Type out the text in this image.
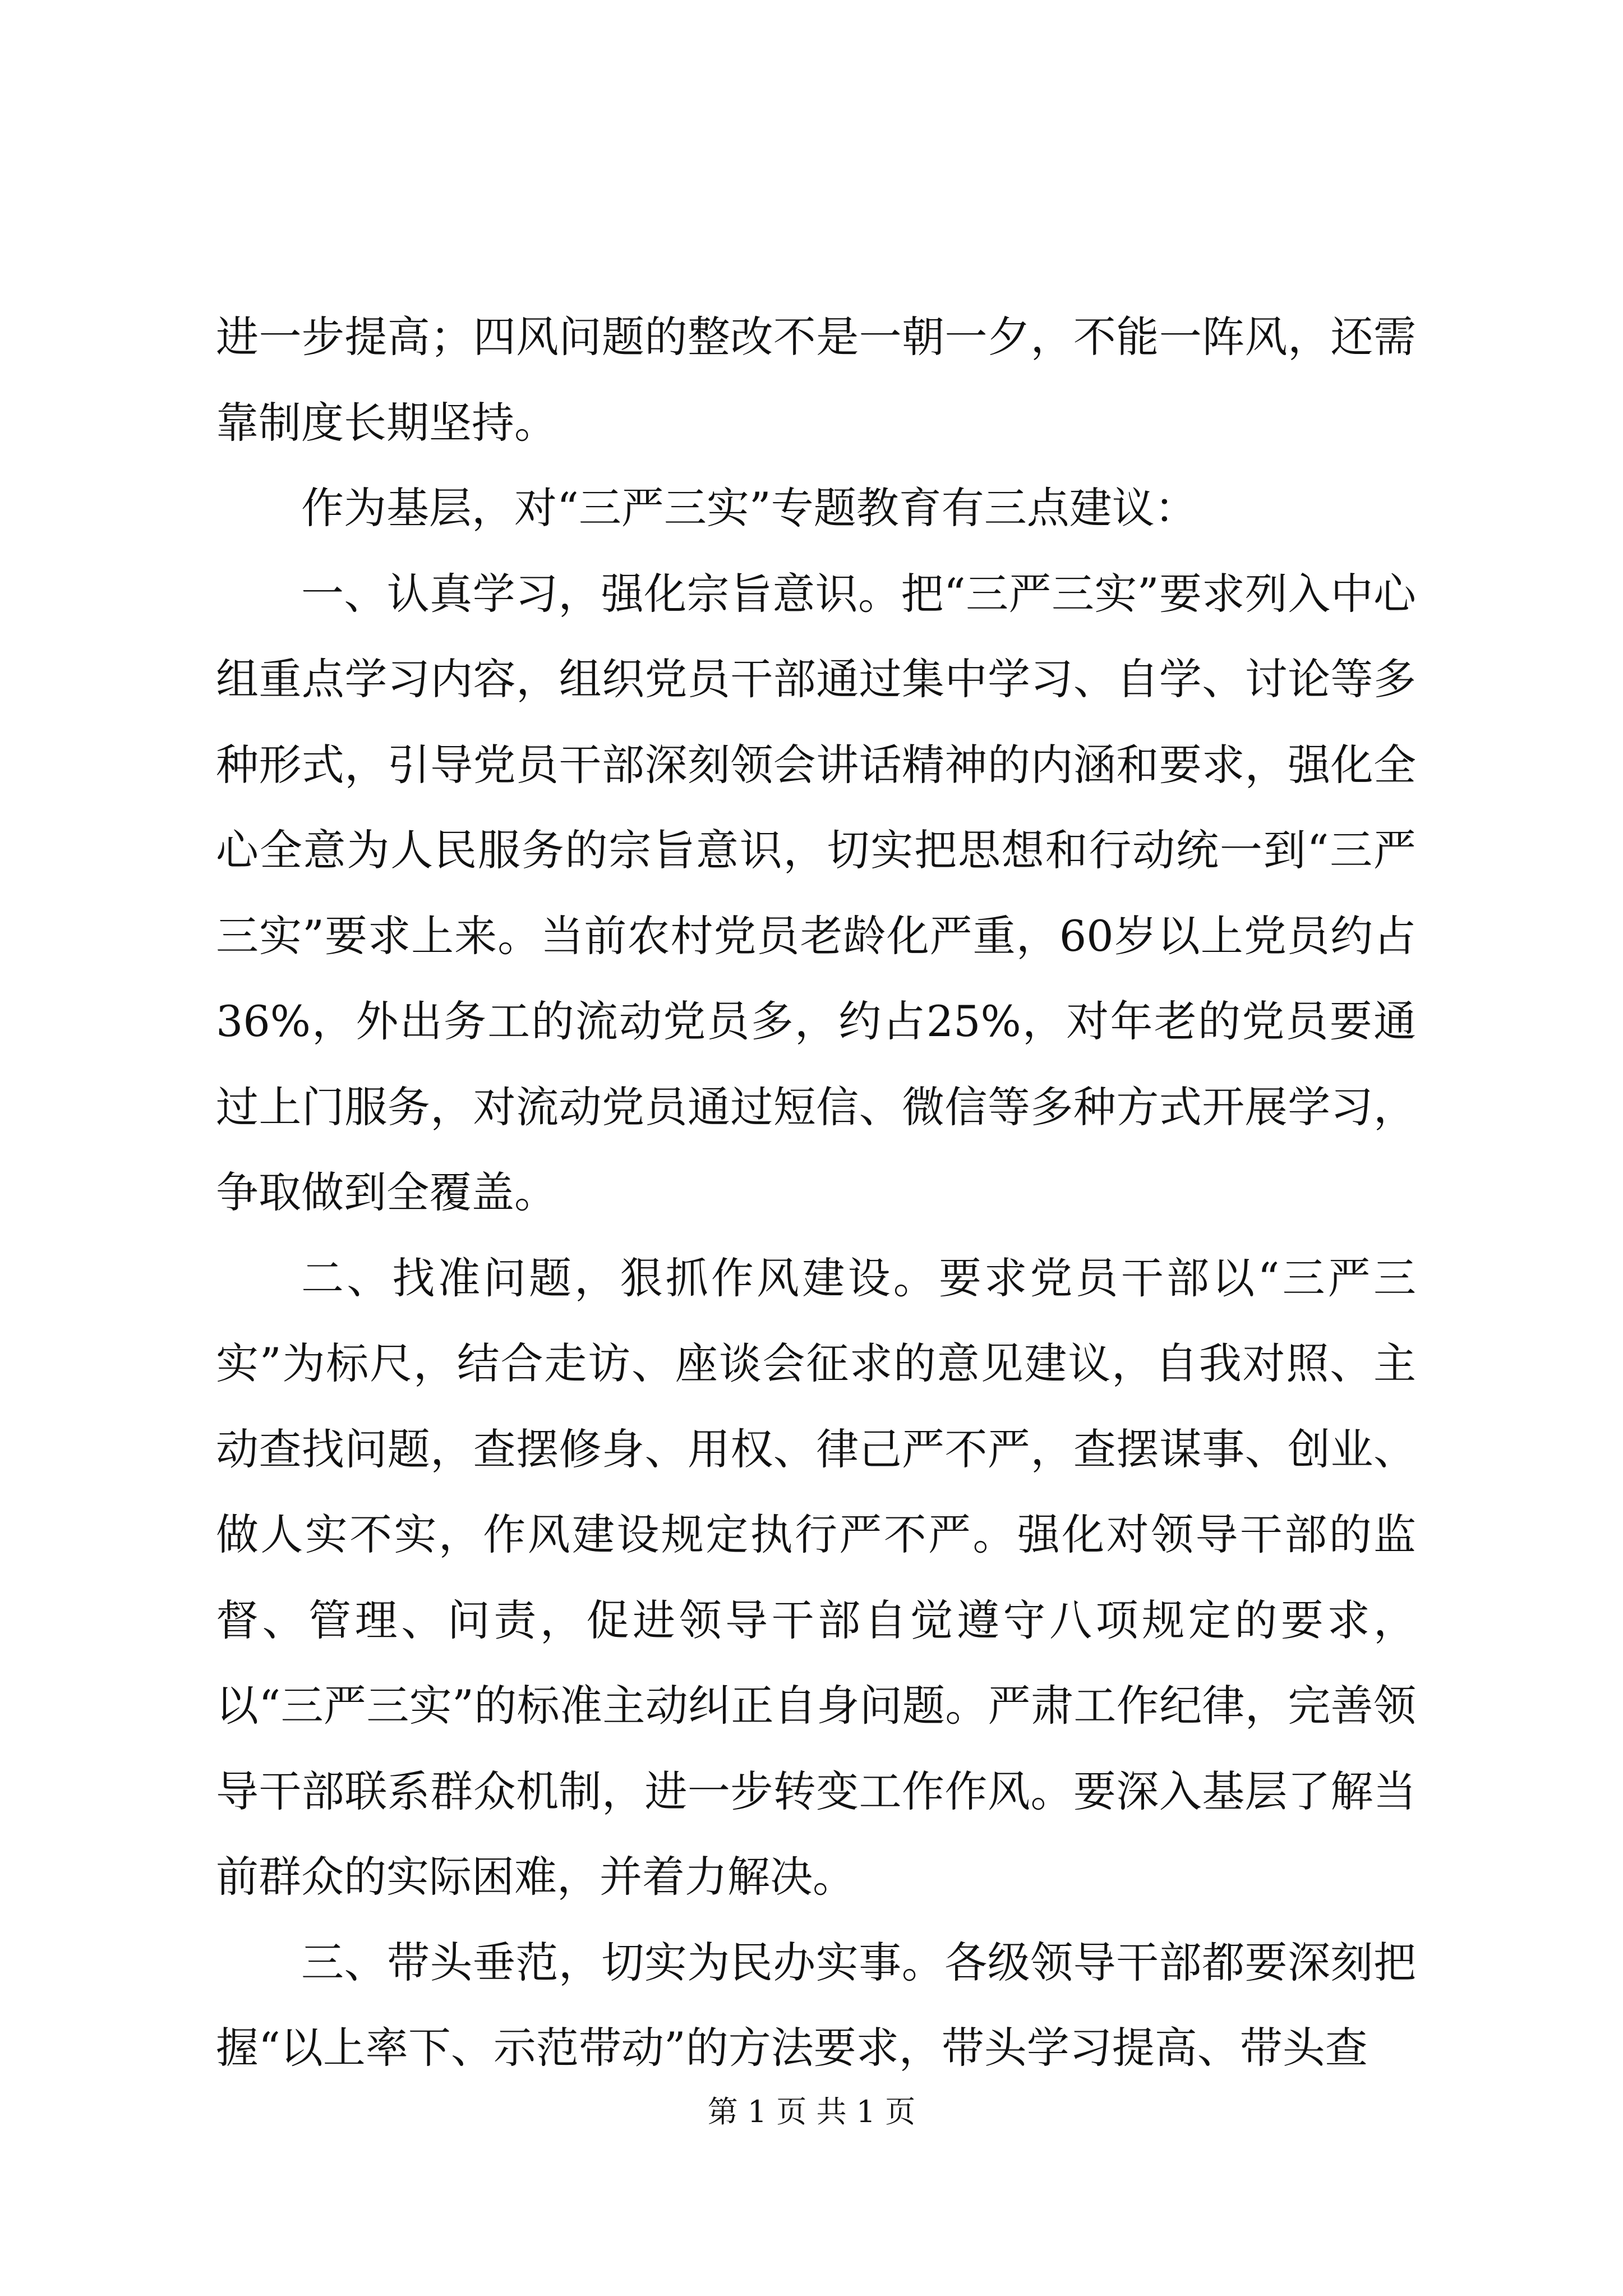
进一步提高；四风问题的整改不是一朝一夕，不能一阵风，还需靠制度长期坚持。

作为基层，对“三严三实”专题教育有三点建议：

一、认真学习，强化宗旨意识。把“三严三实”要求列入中心组重点学习内容，组织党员干部通过集中学习、自学、讨论等多种形式，引导党员干部深刻领会讲话精神的内涵和要求，强化全心全意为人民服务的宗旨意识，切实把思想和行动统一到“三严三实”要求上来。当前农村党员老龄化严重，60岁以上党员约占36%，外出务工的流动党员多，约占25%，对年老的党员要通过上门服务，对流动党员通过短信、微信等多种方式开展学习，争取做到全覆盖。

二、找准问题，狠抓作风建设。要求党员干部以“三严三实”为标尺，结合走访、座谈会征求的意见建议，自我对照、主动查找问题，查摆修身、用权、律己严不严，查摆谋事、创业、做人实不实，作风建设规定执行严不严。强化对领导干部的监督、管理、问责，促进领导干部自觉遵守八项规定的要求，以“三严三实”的标准主动纠正自身问题。严肃工作纪律，完善领导干部联系群众机制，进一步转变工作作风。要深入基层了解当前群众的实际困难，并着力解决。

三、带头垂范，切实为民办实事。各级领导干部都要深刻把握“以上率下、示范带动”的方法要求，带头学习提高、带头查

第 1 页 共 1 页
